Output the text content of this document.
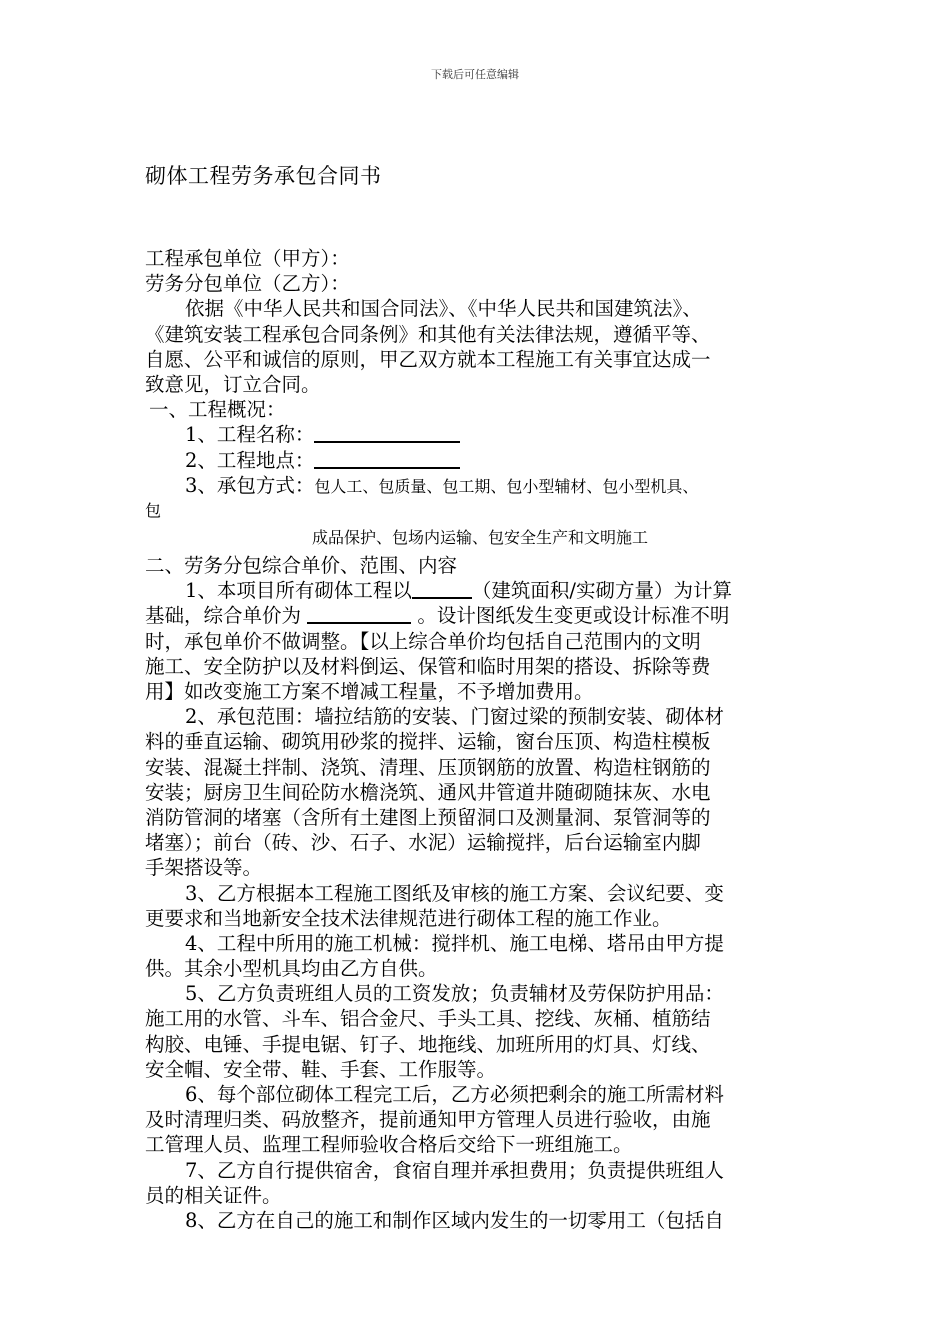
下载后可任意编辑
砌体工程劳务承包合同书
工程承包单位（甲方）：
劳务分包单位（乙方）：
依据《中华人民共和国合同法》、《中华人民共和国建筑法》、
《建筑安装工程承包合同条例》和其他有关法律法规，遵循平等、
自愿、公平和诚信的原则，甲乙双方就本工程施工有关事宜达成一
致意见，订立合同。
一、工程概况：
1、工程名称：
2、工程地点：
3、承包方式：包人工、包质量、包工期、包小型辅材、包小型机具、
包
成品保护、包场内运输、包安全生产和文明施工
二、劳务分包综合单价、范围、内容
1、本项目所有砌体工程以	（建筑面积/实砌方量）为计算
基础，综合单价为	。设计图纸发生变更或设计标准不明
时，承包单价不做调整。【以上综合单价均包括自己范围内的文明
施工、安全防护以及材料倒运、保管和临时用架的搭设、拆除等费
用】如改变施工方案不增减工程量，不予增加费用。
2、承包范围：墙拉结筋的安装、门窗过梁的预制安装、砌体材
料的垂直运输、砌筑用砂浆的搅拌、运输，窗台压顶、构造柱模板
安装、混凝土拌制、浇筑、清理、压顶钢筋的放置、构造柱钢筋的
安装；厨房卫生间砼防水檐浇筑、通风井管道井随砌随抹灰、水电
消防管洞的堵塞（含所有土建图上预留洞口及测量洞、泵管洞等的
堵塞）；前台（砖、沙、石子、水泥）运输搅拌，后台运输室内脚
手架搭设等。
3、乙方根据本工程施工图纸及审核的施工方案、会议纪要、变
更要求和当地新安全技术法律规范进行砌体工程的施工作业。
4、工程中所用的施工机械：搅拌机、施工电梯、塔吊由甲方提
供。其余小型机具均由乙方自供。
5、乙方负责班组人员的工资发放；负责辅材及劳保防护用品：
施工用的水管、斗车、铝合金尺、手头工具、挖线、灰桶、植筋结
构胶、电锤、手提电锯、钉子、地拖线、加班所用的灯具、灯线、
安全帽、安全带、鞋、手套、工作服等。
6、每个部位砌体工程完工后，乙方必须把剩余的施工所需材料
及时清理归类、码放整齐，提前通知甲方管理人员进行验收，由施
工管理人员、监理工程师验收合格后交给下一班组施工。
7、乙方自行提供宿舍，食宿自理并承担费用；负责提供班组人
员的相关证件。
8、乙方在自己的施工和制作区域内发生的一切零用工（包括自
